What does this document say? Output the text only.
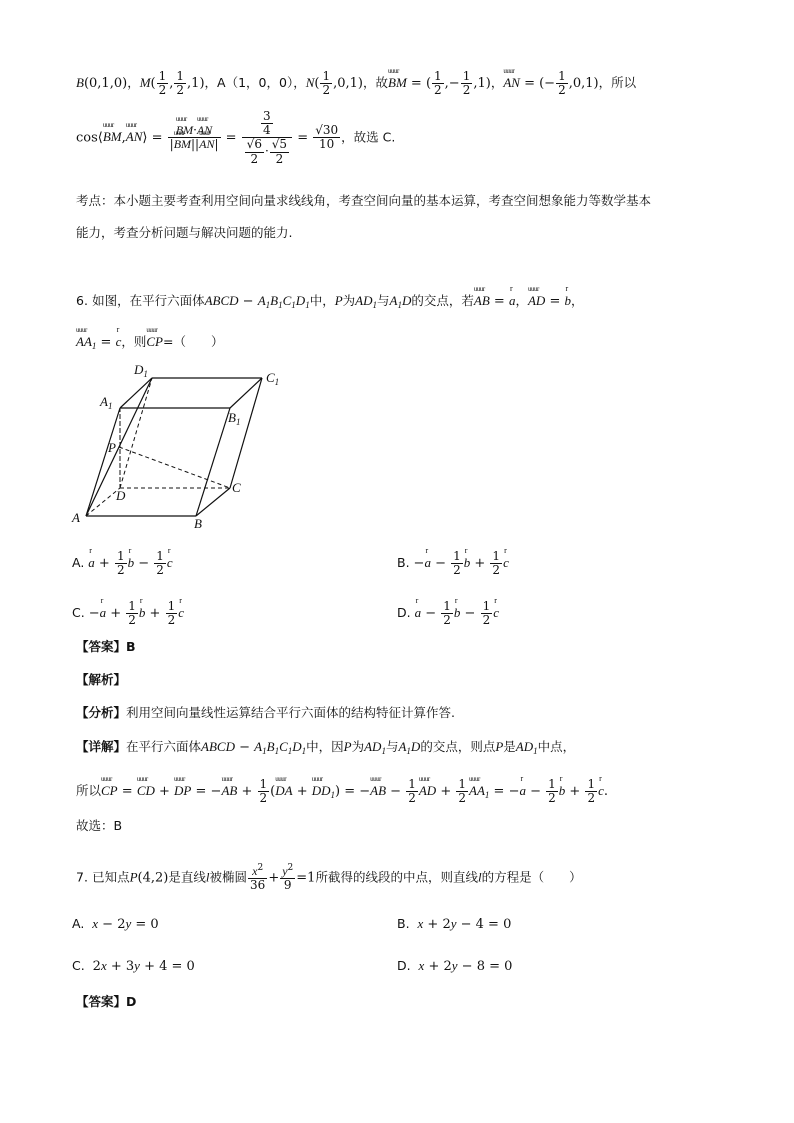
B(0,1,0)，$M( \frac{1}{2}$ , $\frac{1}{2} ,1$)，A（1，0，0），$N( \frac{1}{2} ,0,1)$，故uuur BM = ( $\frac{1}{2}$ ,− $\frac{1}{2} ,1$)，uuur AN = (− $\frac{1}{2} ,0,1$)，所以
cos⟨uuur BM,uuur AN⟩ = uuur $\frac{\text{BM·uuur AN}}{\text{|uuur BM||uuur AN|}} = \frac{\frac{3}{4}}{\frac{√6}{2} \cdot \frac{√5}{2}} = \frac{√30}{10}$ ，故选 C.
考点：本小题主要考查利用空间向量求线线角，考查空间向量的基本运算，考查空间想象能力等数学基本
能力，考查分析问题与解决问题的能力.
6. 如图，在平行六面体ABCD − $A_1B_1C_1D_1$中，P为$AD_1$与$A_1D$的交点，若uuur AB = r a，uuur AD = r b，
uuur $AA_1 = r$ c，则uuur CP=（　　）
$D_1$	$C_1$
$A_1$
$B_1$
P
D
C
A	B
A. r $a + \frac{1}{2}$ r $b - \frac{1}{2}$ r c	B. −r $a - \frac{1}{2}$ r $b + \frac{1}{2}$ r c
C. −r $a + \frac{1}{2}$ r $b + \frac{1}{2}$ r c	D. r $a - \frac{1}{2}$ r $b - \frac{1}{2}$ r c
【答案】B
【解析】
【分析】利用空间向量线性运算结合平行六面体的结构特征计算作答.
【详解】在平行六面体ABCD − $A_1B_1C_1D_1$中，因P为$AD_1$与$A_1D$的交点，则点P是$AD_1$中点，
所以uuur CP = uuur CD + uuur DP = −uuur AB + $\frac{1}{2}$ (uuur DA + uuur $DD_1$) = −uuur AB − $\frac{1}{2}$ uuur AD + $\frac{1}{2}$ uuur $AA_1 = -r$ $a - \frac{1}{2}$ r $b + \frac{1}{2}$ r c.
故选：B
7. 已知点P(4,2)是直线l被椭圆 $\frac{x^2}{36} + \frac{y^2}{9} =1$所截得的线段的中点，则直线l的方程是（　　）
A.  x − 2y = 0	B.  x + 2y − 4 = 0
C.  2x + 3y + 4 = 0	D.  x + 2y − 8 = 0
【答案】D
